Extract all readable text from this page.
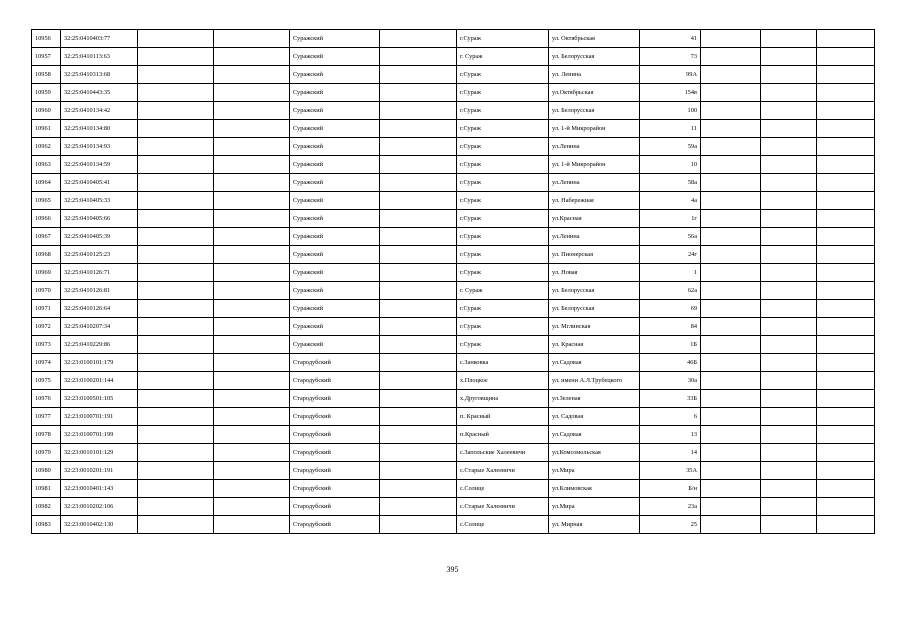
10956	32:25:0410403:77			Суражский		г.Сураж	ул. Октябрьская	41			
10957	32:25:0410113:63			Суражский		г. Сураж	ул. Белорусская	73			
10958	32:25:0410313:68			Суражский		г.Сураж	ул. Ленина	99А			
10959	32:25:0410443:35			Суражский		г.Сураж	ул.Октябрьская	154в			
10960	32:25:0410134:42			Суражский		г.Сураж	ул. Белорусская	100			
10961	32:25:0410134:80			Суражский		г.Сураж	ул. 1-й Микрорайон	11			
10962	32:25:0410134:93			Суражский		г.Сураж	ул.Ленина	59а			
10963	32:25:0410134:59			Суражский		г.Сураж	ул. 1-й Микрорайон	10			
10964	32:25:0410405:41			Суражский		г.Сураж	ул.Ленина	58а			
10965	32:25:0410405:33			Суражский		г.Сураж	ул. Набережная	4а			
10966	32:25:0410405:66			Суражский		г.Сураж	ул.Красная	1г			
10967	32:25:0410405:39			Суражский		г.Сураж	ул.Ленина	56а			
10968	32:25:0410125:23			Суражский		г.Сураж	ул. Пионерская	24г			
10969	32:25:0410126:71			Суражский		г.Сураж	ул. Новая	1			
10970	32:25:0410126:81			Суражский		г. Сураж	ул. Белорусская	62а			
10971	32:25:0410126:64			Суражский		г.Сураж	ул. Белорусская	69			
10972	32:25:0410207:34			Суражский		г.Сураж	ул. Мглинская	84			
10973	32:25:0410229:86			Суражский		г.Сураж	ул. Красная	1Б			
10974	32:23:0100101:179			Стародубский		с.Занковка	ул.Садовая	46Б			
10975	32:23:0100201:144			Стародубский		х.Плоцкое	ул. имени А.Л.Трубецкого	30а			
10976	32:23:0100501:105			Стародубский		х.Друговщина	ул.Зеленая	33Б			
10977	32:23:0100701:191			Стародубский		п. Красный	ул. Садовая	6			
10978	32:23:0100701:199			Стародубский		п.Красный	ул.Садовая	13			
10979	32:23:0010101:129			Стародубский		с.Запольские Халеевичи	ул.Комсомольская	14			
10980	32:23:0010201:191			Стародубский		с.Старые Халеевичи	ул.Мира	35А			
10981	32:23:0010401:143			Стародубский		с.Солнце	ул.Климовская	Б/н			
10982	32:23:0010202:106			Стародубский		с.Старые Халеевичи	ул.Мира	23а			
10983	32:23:0010402:130			Стародубский		с.Солнце	ул. Мирная	25			
395
